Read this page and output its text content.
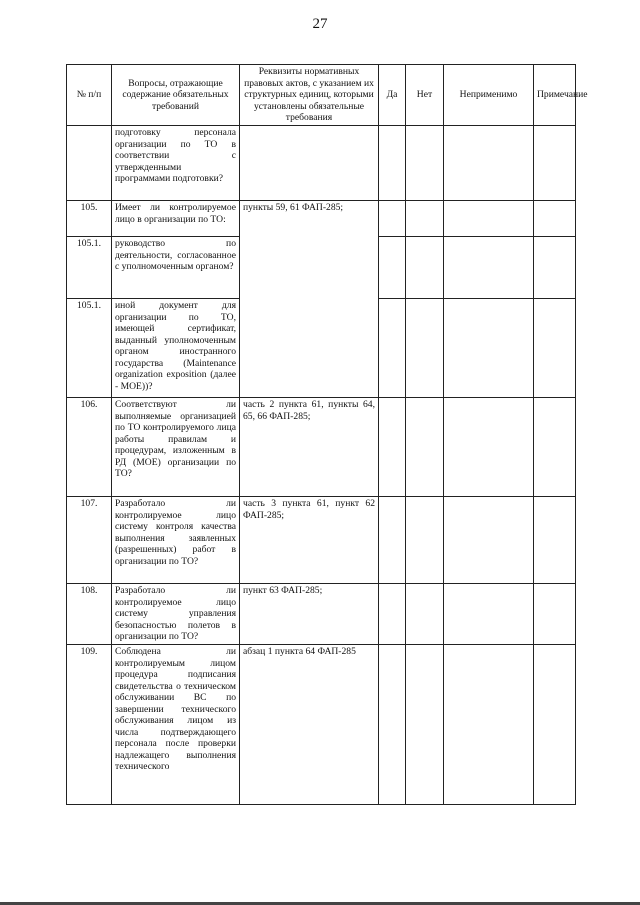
27
№ п/п	Вопросы, отражающие содержание обязательных требований	Реквизиты нормативных правовых актов, с указанием их структурных единиц, которыми установлены обязательные требования	Да	Нет	Неприменимо	Примечание
	подготовку персонала организации по ТО в соответствии с утвержденными программами подготовки?					
105.	Имеет ли контролируемое лицо в организации по ТО:	пункты 59, 61 ФАП-285;				
105.1.	руководство по деятельности, согласованное с уполномоченным органом?					
105.1.	иной документ для организации по ТО, имеющей сертификат, выданный уполномоченным органом иностранного государства (Maintenance organization exposition (далее - MOE))?					
106.	Соответствуют ли выполняемые организацией по ТО контролируемого лица работы правилам и процедурам, изложенным в РД (MOE) организации по ТО?	часть 2 пункта 61, пункты 64, 65, 66 ФАП-285;				
107.	Разработало ли контролируемое лицо систему контроля качества выполнения заявленных (разрешенных) работ в организации по ТО?	часть 3 пункта 61, пункт 62 ФАП-285;				
108.	Разработало ли контролируемое лицо систему управления безопасностью полетов в организации по ТО?	пункт 63 ФАП-285;				
109.	Соблюдена ли контролируемым лицом процедура подписания свидетельства о техническом обслуживании ВС по завершении технического обслуживания лицом из числа подтверждающего персонала после проверки надлежащего выполнения технического	абзац 1 пункта 64 ФАП-285				
